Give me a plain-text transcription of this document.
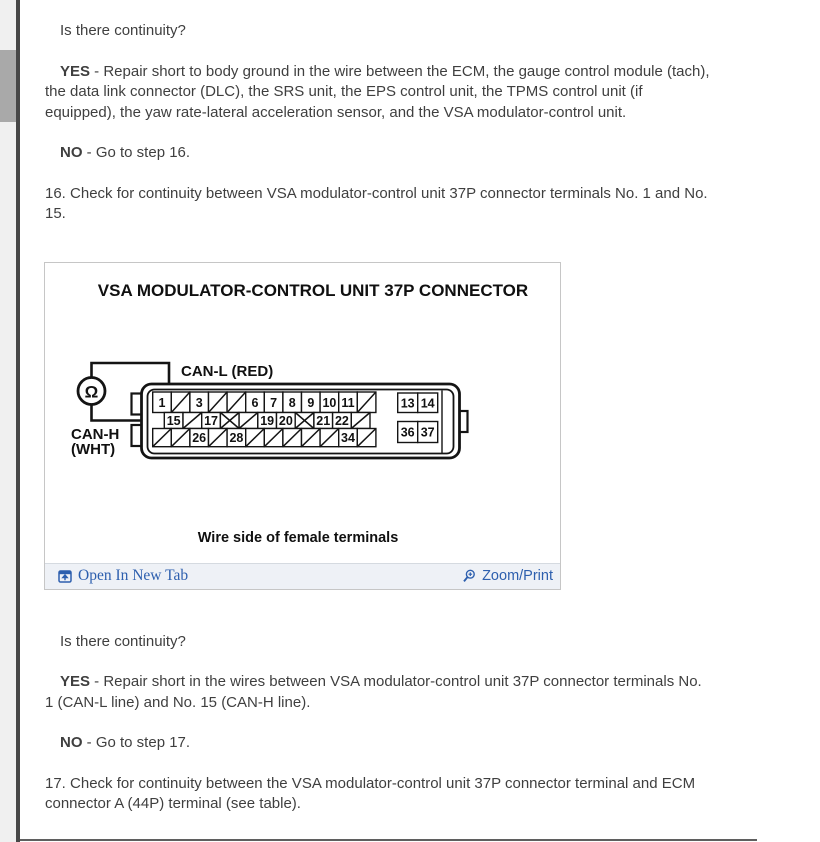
Is there continuity?

YES - Repair short to body ground in the wire between the ECM, the gauge control module (tach), the data link connector (DLC), the SRS unit, the EPS control unit, the TPMS control unit (if equipped), the yaw rate-lateral acceleration sensor, and the VSA modulator-control unit.

NO - Go to step 16.

16. Check for continuity between VSA modulator-control unit 37P connector terminals No. 1 and No. 15.

VSA MODULATOR-CONTROL UNIT 37P CONNECTOR
Ω
CAN-L (RED)
CAN-H
(WHT)
1 3	6 7 8 9 10 11
15 17	19 20 21 22
26 28	34
13 14
36 37
Wire side of female terminals
Open In New Tab	Zoom/Print

Is there continuity?

YES - Repair short in the wires between VSA modulator-control unit 37P connector terminals No. 1 (CAN-L line) and No. 15 (CAN-H line).

NO - Go to step 17.

17. Check for continuity between the VSA modulator-control unit 37P connector terminal and ECM connector A (44P) terminal (see table).
